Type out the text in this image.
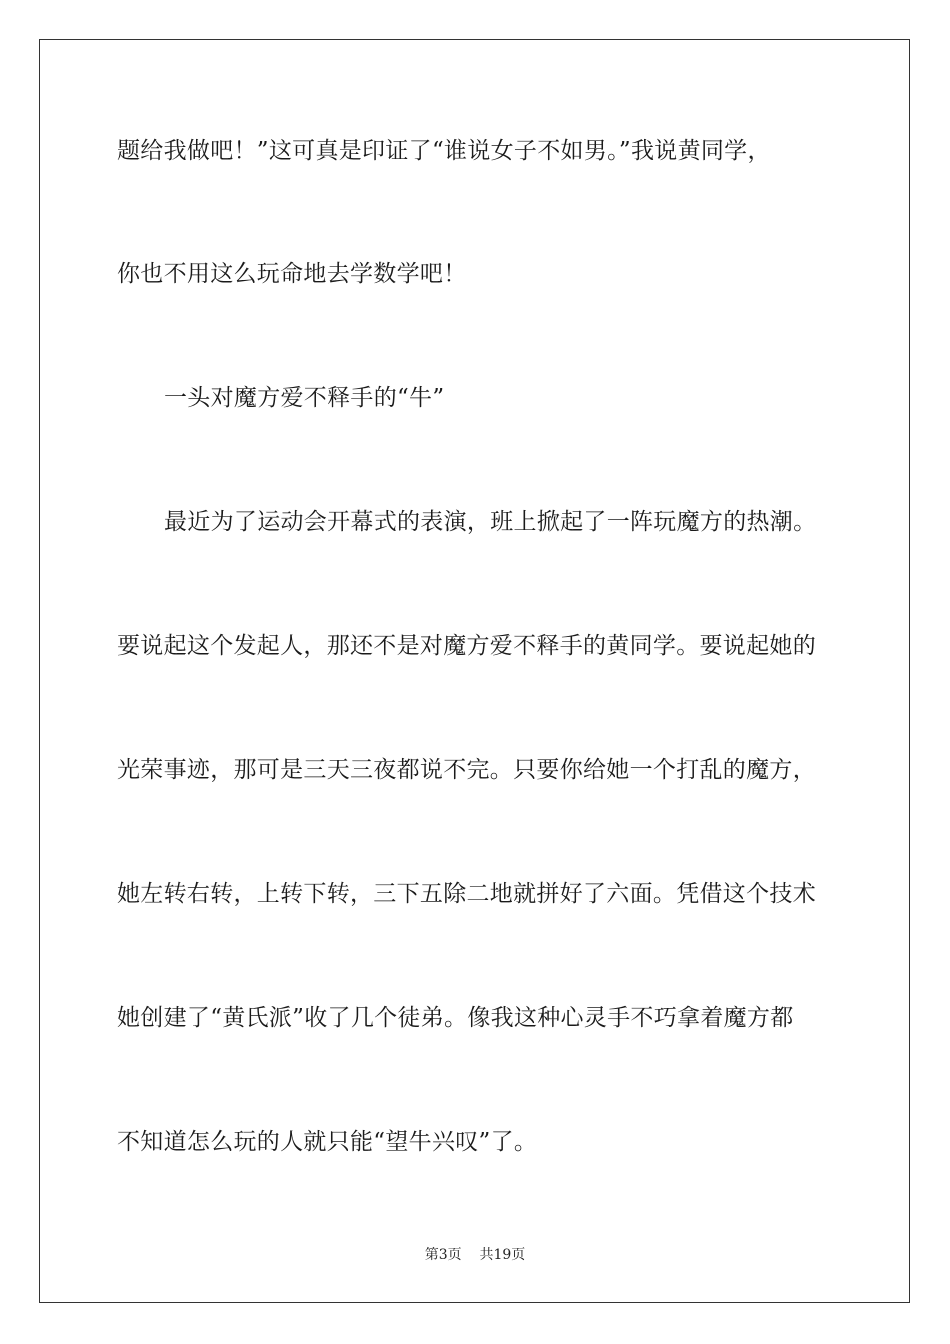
题给我做吧！”这可真是印证了“谁说女子不如男。”我说黄同学，
你也不用这么玩命地去学数学吧！
一头对魔方爱不释手的“牛”
最近为了运动会开幕式的表演，班上掀起了一阵玩魔方的热潮。
要说起这个发起人，那还不是对魔方爱不释手的黄同学。要说起她的
光荣事迹，那可是三天三夜都说不完。只要你给她一个打乱的魔方，
她左转右转，上转下转，三下五除二地就拼好了六面。凭借这个技术
她创建了“黄氏派”收了几个徒弟。像我这种心灵手不巧拿着魔方都
不知道怎么玩的人就只能“望牛兴叹”了。
第3页    共19页
